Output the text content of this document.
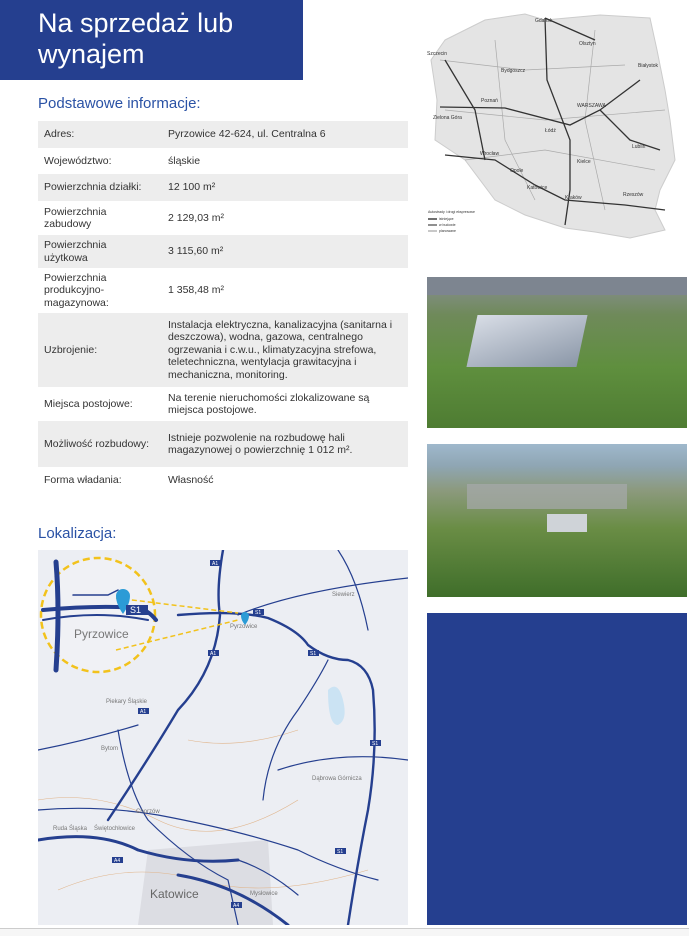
Na sprzedaż lub wynajem
Podstawowe informacje:
Adres:	Pyrzowice 42-624, ul. Centralna 6
Województwo:	śląskie
Powierzchnia działki:	12 100 m²
Powierzchnia zabudowy	2 129,03 m²
Powierzchnia użytkowa	3 115,60 m²
Powierzchnia produkcyjno-magazynowa:	1 358,48 m²
Uzbrojenie:	Instalacja elektryczna, kanalizacyjna (sanitarna i deszczowa), wodna, gazowa, centralnego ogrzewania i c.w.u., klimatyzacyjna strefowa, teletechniczna, wentylacja grawitacyjna i mechaniczna, monitoring.
Miejsca postojowe:	Na terenie nieruchomości zlokalizowane są miejsca postojowe.
Możliwość rozbudowy:	Istnieje pozwolenie na rozbudowę hali magazynowej o powierzchnię 1 012 m².
Forma władania:	Własność
Lokalizacja:
S1	S1
S1
A1
A1
A1
S1
S1
A4
A4
Pyrzowice	Pyrzowice
Siewierz
Piekary Śląskie
Bytom
Dąbrowa Górnicza
Chorzów
Ruda Śląska Świętochłowice
Katowice	Mysłowice
Gdańsk
Olsztyn
Szczecin
Białystok
Bydgoszcz
Poznań
WARSZAWA
Zielona Góra
Łódź
Lublin
Wrocław
Kielce
Opole
Katowice
Kraków	Rzeszów
Autostrady i drogi ekspresowe
istniejące
w budowie
planowane
